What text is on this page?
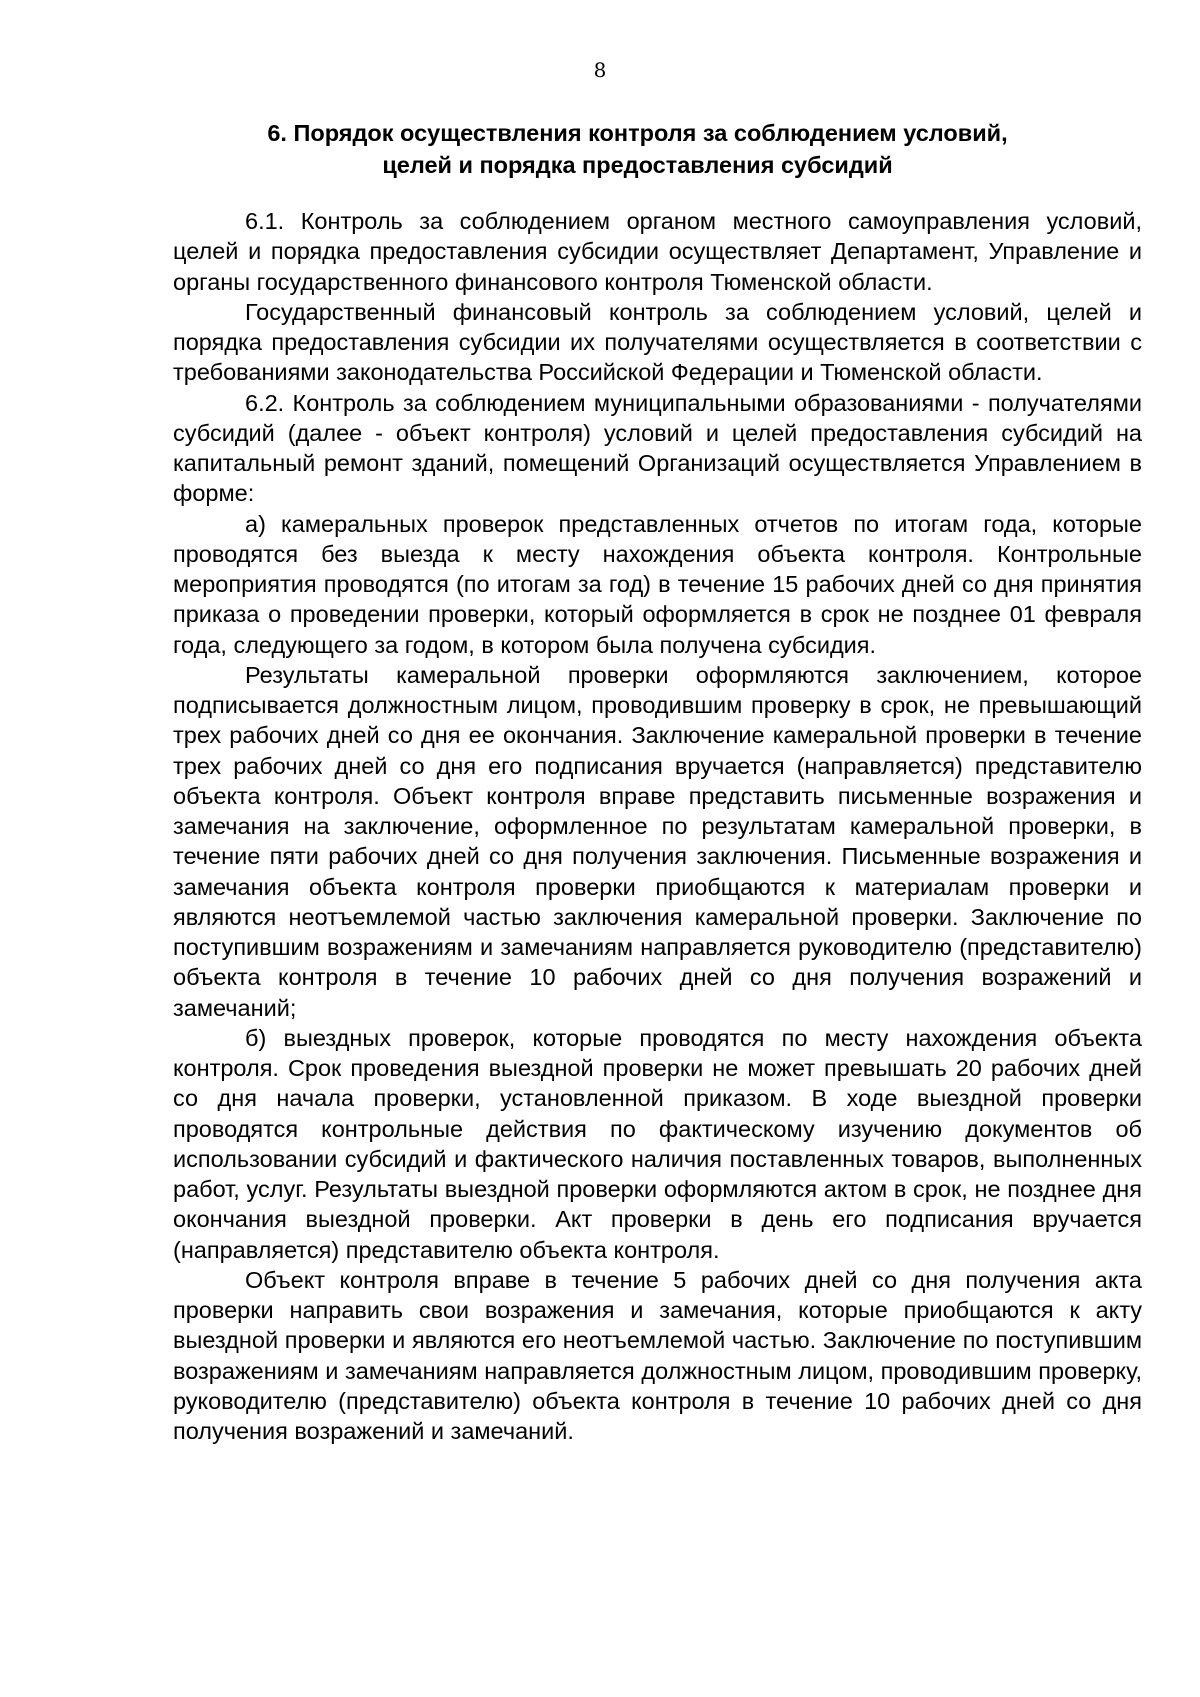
8
6. Порядок осуществления контроля за соблюдением условий,
целей и порядка предоставления субсидий

6.1. Контроль за соблюдением органом местного самоуправления условий, целей и порядка предоставления субсидии осуществляет Департамент, Управление и органы государственного финансового контроля Тюменской области.

Государственный финансовый контроль за соблюдением условий, целей и порядка предоставления субсидии их получателями осуществляется в соответствии с требованиями законодательства Российской Федерации и Тюменской области.

6.2. Контроль за соблюдением муниципальными образованиями - получателями субсидий (далее - объект контроля) условий и целей предоставления субсидий на капитальный ремонт зданий, помещений Организаций осуществляется Управлением в форме:

а) камеральных проверок представленных отчетов по итогам года, которые проводятся без выезда к месту нахождения объекта контроля. Контрольные мероприятия проводятся (по итогам за год) в течение 15 рабочих дней со дня принятия приказа о проведении проверки, который оформляется в срок не позднее 01 февраля года, следующего за годом, в котором была получена субсидия.

Результаты камеральной проверки оформляются заключением, которое подписывается должностным лицом, проводившим проверку в срок, не превышающий трех рабочих дней со дня ее окончания. Заключение камеральной проверки в течение трех рабочих дней со дня его подписания вручается (направляется) представителю объекта контроля. Объект контроля вправе представить письменные возражения и замечания на заключение, оформленное по результатам камеральной проверки, в течение пяти рабочих дней со дня получения заключения. Письменные возражения и замечания объекта контроля проверки приобщаются к материалам проверки и являются неотъемлемой частью заключения камеральной проверки. Заключение по поступившим возражениям и замечаниям направляется руководителю (представителю) объекта контроля в течение 10 рабочих дней со дня получения возражений и замечаний;

б) выездных проверок, которые проводятся по месту нахождения объекта контроля. Срок проведения выездной проверки не может превышать 20 рабочих дней со дня начала проверки, установленной приказом. В ходе выездной проверки проводятся контрольные действия по фактическому изучению документов об использовании субсидий и фактического наличия поставленных товаров, выполненных работ, услуг. Результаты выездной проверки оформляются актом в срок, не позднее дня окончания выездной проверки. Акт проверки в день его подписания вручается (направляется) представителю объекта контроля.

Объект контроля вправе в течение 5 рабочих дней со дня получения акта проверки направить свои возражения и замечания, которые приобщаются к акту выездной проверки и являются его неотъемлемой частью. Заключение по поступившим возражениям и замечаниям направляется должностным лицом, проводившим проверку, руководителю (представителю) объекта контроля в течение 10 рабочих дней со дня получения возражений и замечаний.
